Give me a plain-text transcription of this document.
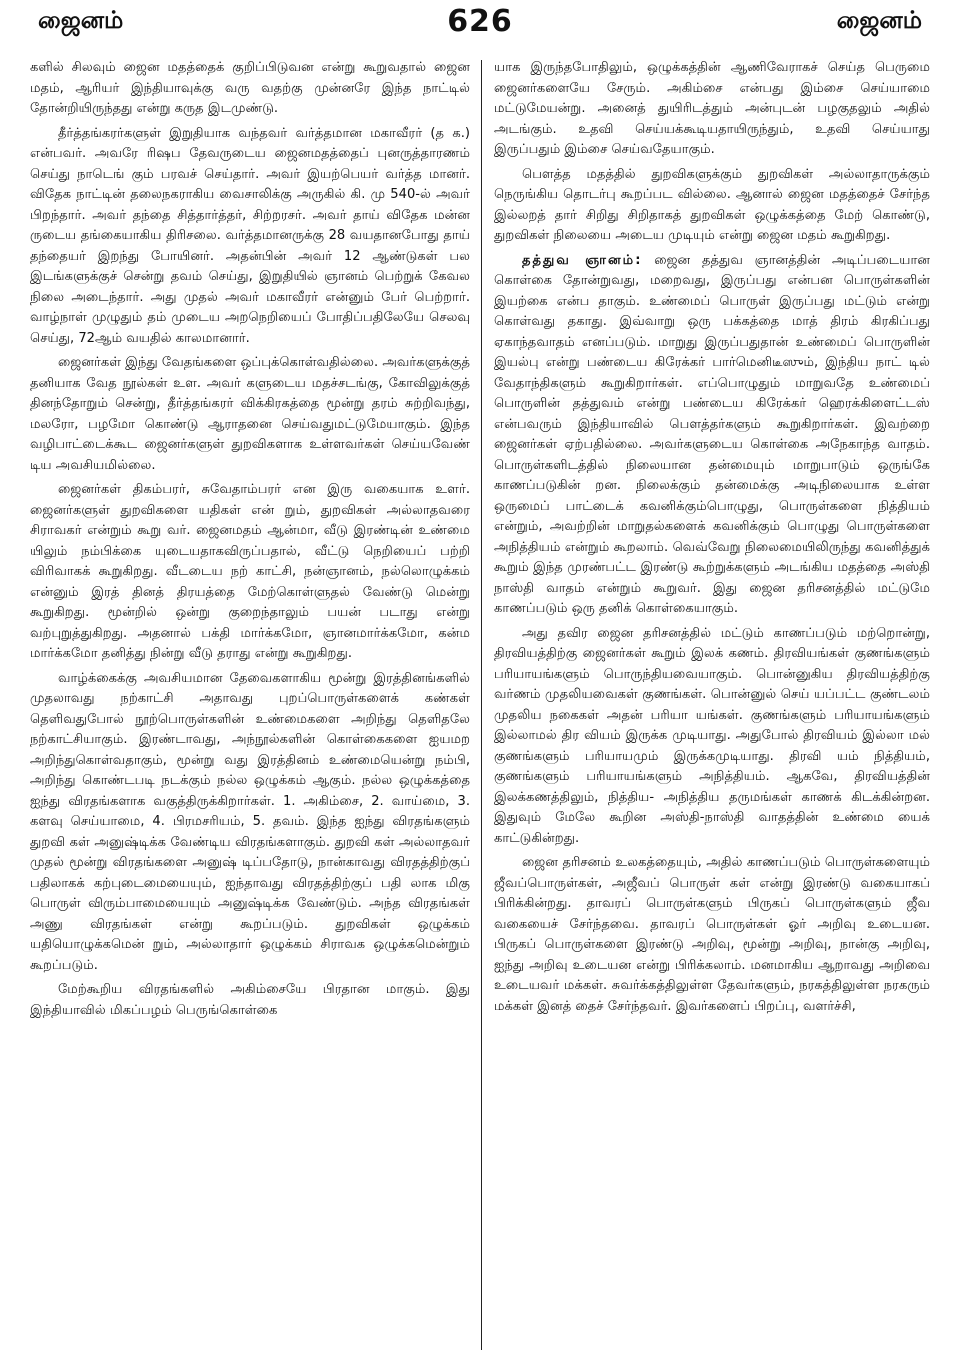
ஜைனம்	626	ஜைனம்

களில் சிலவும் ஜைன மதத்தைக் குறிப்பிடுவன என்று கூறுவதால் ஜைன மதம், ஆரியர் இந்தியாவுக்கு வரு வதற்கு முன்னரே இந்த நாட்டில் தோன்றியிருந்தது என்று கருத இடமுண்டு.

தீர்த்தங்கரர்களுள் இறுதியாக வந்தவர் வர்த்தமான மகாவீரர் (த க.) என்பவர். அவரே ரிஷப தேவருடைய ஜைனமதத்தைப் புனருத்தாரணம் செய்து நாடெங் கும் பரவச் செய்தார். அவர் இயற்பெயர் வர்த்த மானர். விதேக நாட்டின் தலைநகராகிய வைசாலிக்கு அருகில் கி. மு 540-ல் அவர் பிறந்தார். அவர் தந்தை சித்தார்த்தர், சிற்றரசர். அவர் தாய் விதேக மன்ன ருடைய தங்கையாகிய திரிசலை. வர்த்தமானருக்கு 28 வயதானபோது தாய் தந்தையர் இறந்து போயினர். அதன்பின் அவர் 12 ஆண்டுகள் பல இடங்களுக்குச் சென்று தவம் செய்து, இறுதியில் ஞானம் பெற்றுக் கேவல நிலை அடைந்தார். அது முதல் அவர் மகாவீரர் என்னும் பேர் பெற்றார். வாழ்நாள் முழுதும் தம் முடைய அறநெறியைப் போதிப்பதிலேயே செலவு செய்து, 72ஆம் வயதில் காலமானார்.

ஜைனர்கள் இந்து வேதங்களை ஒப்புக்கொள்வதில்லை. அவர்களுக்குத் தனியாக வேத நூல்கள் உள. அவர் களுடைய மதச்சடங்கு, கோவிலுக்குத் தினந்தோறும் சென்று, தீர்த்தங்கரர் விக்கிரகத்தை மூன்று தரம் சுற்றிவந்து, மலரோ, பழமோ கொண்டு ஆராதனை செய்வதுமட்டுமேயாகும். இந்த வழிபாட்டைக்கூட ஜைனர்களுள் துறவிகளாக உள்ளவர்கள் செய்யவேண் டிய அவசியமில்லை.

ஜைனர்கள் திகம்பரர், சுவேதாம்பரர் என இரு வகையாக உளர். ஜைனர்களுள் துறவிகளை யதிகள் என் றும், துறவிகள் அல்லாதவரை சிராவகர் என்றும் கூறு வர். ஜைனமதம் ஆன்மா, வீடு இரண்டின் உண்மை யிலும் நம்பிக்கை யுடையதாகவிருப்பதால், வீட்டு நெறியைப் பற்றி விரிவாகக் கூறுகிறது. வீடடைய நற் காட்சி, நன்ஞானம், நல்லொழுக்கம் என்னும் இரத் தினத் திரயத்தை மேற்கொள்ளுதல் வேண்டு மென்று கூறுகிறது. மூன்றில் ஒன்று குறைந்தாலும் பயன் படாது என்று வற்புறுத்துகிறது. அதனால் பக்தி மார்க்கமோ, ஞானமார்க்கமோ, கன்ம மார்க்கமோ தனித்து நின்று வீடு தராது என்று கூறுகிறது.

வாழ்க்கைக்கு அவசியமான தேவைகளாகிய மூன்று இரத்தினங்களில் முதலாவது நற்காட்சி அதாவது புறப்பொருள்களைக் கண்கள் தெளிவதுபோல் நூற்பொருள்களின் உண்மைகளை அறிந்து தெளிதலே நற்காட்சியாகும். இரண்டாவது, அந்நூல்களின் கொள்கைகளை ஐயமற அறிந்துகொள்வதாகும், மூன்று வது இரத்தினம் உண்மையென்று நம்பி, அறிந்து கொண்டபடி நடக்கும் நல்ல ஒழுக்கம் ஆகும். நல்ல ஒழுக்கத்தை ஐந்து விரதங்களாக வகுத்திருக்கிறார்கள். 1. அகிம்சை, 2. வாய்மை, 3. களவு செய்யாமை, 4. பிரமசரியம், 5. தவம். இந்த ஐந்து விரதங்களும் துறவி கள் அனுஷ்டிக்க வேண்டிய விரதங்களாகும். துறவி கள் அல்லாதவர் முதல் மூன்று விரதங்களை அனுஷ் டிப்பதோடு, நான்காவது விரதத்திற்குப் பதிலாகக் கற்புடைமையையும், ஐந்தாவது விரதத்திற்குப் பதி லாக மிகு பொருள் விரும்பாமையையும் அனுஷ்டிக்க வேண்டும். அந்த விரதங்கள் அணு விரதங்கள் என்று கூறப்படும். துறவிகள் ஒழுக்கம் யதியொழுக்கமென் றும், அல்லாதார் ஒழுக்கம் சிராவக ஒழுக்கமென்றும் கூறப்படும்.

மேற்கூறிய விரதங்களில் அகிம்சையே பிரதான மாகும். இது இந்தியாவில் மிகப்பழம் பெருங்கொள்கை

யாக இருந்தபோதிலும், ஒழுக்கத்தின் ஆணிவேராகச் செய்த பெருமை ஜைனர்களையே சேரும். அகிம்சை என்பது இம்சை செய்யாமை மட்டுமேயன்று. அனைத் துயிரிடத்தும் அன்புடன் பழகுதலும் அதில் அடங்கும். உதவி செய்யக்கூடியதாயிருந்தும், உதவி செய்யாது இருப்பதும் இம்சை செய்வதேயாகும்.

பௌத்த மதத்தில் துறவிகளுக்கும் துறவிகள் அல்லாதாருக்கும் நெருங்கிய தொடர்பு கூறப்பட வில்லை. ஆனால் ஜைன மதத்தைச் சேர்ந்த இல்லறத் தார் சிறிது சிறிதாகத் துறவிகள் ஒழுக்கத்தை மேற் கொண்டு, துறவிகள் நிலையை அடைய முடியும் என்று ஜைன மதம் கூறுகிறது.

தத்துவ ஞானம்: ஜைன தத்துவ ஞானத்தின் அடிப்படையான கொள்கை தோன்றுவது, மறைவது, இருப்பது என்பன பொருள்களின் இயற்கை என்ப தாகும். உண்மைப் பொருள் இருப்பது மட்டும் என்று கொள்வது தகாது. இவ்வாறு ஒரு பக்கத்தை மாத் திரம் கிரகிப்பது ஏகாந்தவாதம் எனப்படும். மாறுது இருப்பதுதான் உண்மைப் பொருளின் இயல்பு என்று பண்டைய கிரேக்கர் பார்மெனிடீஸும், இந்திய நாட் டில் வேதாந்திகளும் கூறுகிறார்கள். எப்பொழுதும் மாறுவதே உண்மைப் பொருளின் தத்துவம் என்று பண்டைய கிரேக்கர் ஹெரக்கிளைட்டஸ் என்பவரும் இந்தியாவில் பௌத்தர்களும் கூறுகிறார்கள். இவற்றை ஜைனர்கள் ஏற்பதில்லை. அவர்களுடைய கொள்கை அநேகாந்த வாதம். பொருள்களிடத்தில் நிலையான தன்மையும் மாறுபாடும் ஒருங்கே காணப்படுகின் றன. நிலைக்கும் தன்மைக்கு அடிநிலையாக உள்ள ஒருமைப் பாட்டைக் கவனிக்கும்பொழுது, பொருள்களை நித்தியம் என்றும், அவற்றின் மாறுதல்களைக் கவனிக்கும் பொழுது பொருள்களை அநித்தியம் என்றும் கூறலாம். வெவ்வேறு நிலைமையிலிருந்து கவனித்துக் கூறும் இந்த முரண்பட்ட இரண்டு கூற்றுக்களும் அடங்கிய மதத்தை அஸ்தி நாஸ்தி வாதம் என்றும் கூறுவர். இது ஜைன தரிசனத்தில் மட்டுமே காணப்படும் ஒரு தனிக் கொள்கையாகும்.

அது தவிர ஜைன தரிசனத்தில் மட்டும் காணப்படும் மற்றொன்று, திரவியத்திற்கு ஜைனர்கள் கூறும் இலக் கணம். திரவியங்கள் குணங்களும் பரியாயங்களும் பொருந்தியவையாகும். பொன்னுகிய திரவியத்திற்கு வர்ணம் முதலியவைகள் குணங்கள். பொன்னுல் செய் யப்பட்ட குண்டலம் முதலிய நகைகள் அதன் பரியா யங்கள். குணங்களும் பரியாயங்களும் இல்லாமல் திர வியம் இருக்க முடியாது. அதுபோல் திரவியம் இல்லா மல் குணங்களும் பரியாயமும் இருக்கமுடியாது. திரவி யம் நித்தியம், குணங்களும் பரியாயங்களும் அநித்தியம். ஆகவே, திரவியத்தின் இலக்கணத்திலும், நித்திய- அநித்திய தருமங்கள் காணக் கிடக்கின்றன. இதுவும் மேலே கூறின அஸ்தி-நாஸ்தி வாதத்தின் உண்மை யைக் காட்டுகின்றது.

ஜைன தரிசனம் உலகத்தையும், அதில் காணப்படும் பொருள்களையும் ஜீவப்பொருள்கள், அஜீவப் பொருள் கள் என்று இரண்டு வகையாகப் பிரிக்கின்றது. தாவரப் பொருள்களும் பிருகப் பொருள்களும் ஜீவ வகையைச் சேர்ந்தவை. தாவரப் பொருள்கள் ஓர் அறிவு உடையன. பிருகப் பொருள்களை இரண்டு அறிவு, மூன்று அறிவு, நான்கு அறிவு, ஐந்து அறிவு உடையன என்று பிரிக்கலாம். மனமாகிய ஆறாவது அறிவை உடையவர் மக்கள். சுவர்க்கத்திலுள்ள தேவர்களும், நரகத்திலுள்ள நரகரும் மக்கள் இனத் தைச் சேர்ந்தவர். இவர்களைப் பிறப்பு, வளர்ச்சி,
